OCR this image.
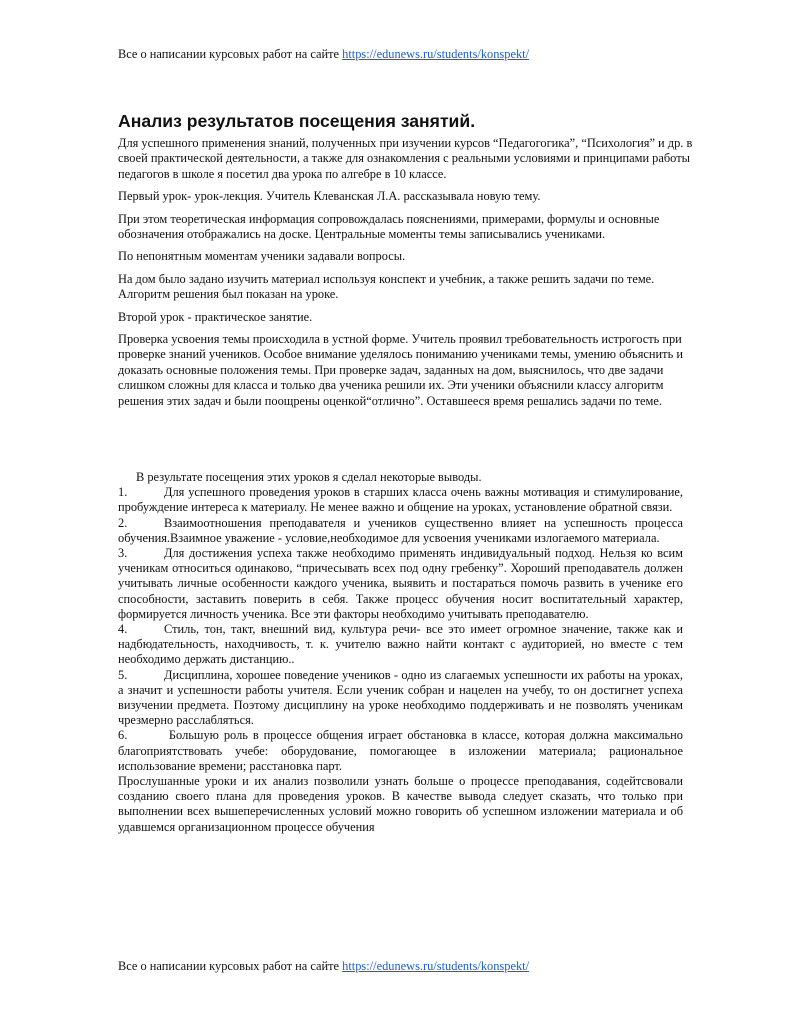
Все о написании курсовых работ на сайте https://edunews.ru/students/konspekt/
Анализ результатов посещения занятий.

Для успешного применения знаний, полученных при изучении курсов “Педагогогика”, “Психология” и др. в своей практической деятельности, а также для ознакомления с реальными условиями и принципами работы педагогов в школе я посетил два урока по алгебре в 10 классе.

Первый урок- урок-лекция. Учитель Клеванская Л.А. рассказывала новую тему.

При этом теоретическая информация сопровождалась пояснениями, примерами, формулы и основные обозначения отображались на доске. Центральные моменты темы записывались учениками.

По непонятным моментам ученики задавали вопросы.

На дом было задано изучить материал используя конспект и учебник, а также решить задачи по теме. Алгоритм решения был показан на уроке.

Второй урок - практическое занятие.

Проверка усвоения темы происходила в устной форме. Учитель проявил требовательность истрогость при проверке знаний учеников. Особое внимание уделялось пониманию учениками темы, умению объяснить и доказать основные положения темы. При проверке задач, заданных на дом, выяснилось, что две задачи слишком сложны для класса и только два ученика решили их. Эти ученики объяснили классу алгоритм решения этих задач и были поощрены оценкой“отлично”. Оставшееся время решались задачи по теме.

В результате посещения этих уроков я сделал некоторые выводы.

1.	Для успешного проведения уроков в старших класса очень важны мотивация и стимулирование, пробуждение интереса к материалу. Не менее важно и общение на уроках, установление обратной связи.

2.	Взаимоотношения преподавателя и учеников существенно влияет на успешность процесса обучения.Взаимное уважение - условие,необходимое для усвоения учениками излогаемого материала.

3.	Для достижения успеха также необходимо применять индивидуальный подход. Нельзя ко всим ученикам относиться одинаково, “причесывать всех под одну гребенку”. Хороший преподаватель должен учитывать личные особенности каждого ученика, выявить и постараться помочь развить в ученике его способности, заставить поверить в себя. Также процесс обучения носит воспитательный характер, формируется личность ученика. Все эти факторы необходимо учитывать преподавателю.

4.	Стиль, тон, такт, внешний вид, культура речи- все это имеет огромное значение, также как и надбюдательность, находчивость, т. к. учителю важно найти контакт с аудиторией, но вместе с тем необходимо держать дистанцию..

5.	Дисциплина, хорошее поведение учеников - одно из слагаемых успешности их работы на уроках, а значит и успешности работы учителя. Если ученик собран и нацелен на учебу, то он достигнет успеха визучении предмета. Поэтому дисциплину на уроке необходимо поддерживать и не позволять ученикам чрезмерно расслабляться.

6.	Большую роль в процессе общения играет обстановка в классе, которая должна максимально благоприятствовать учебе: оборудование, помогающее в изложении материала; рациональное использование времени; расстановка парт.

Прослушанные уроки и их анализ позволили узнать больше о процессе преподавания, содейтсвовали созданию своего плана для проведения уроков. В качестве вывода следует сказать, что только при выполнении всех вышеперечисленных условий можно говорить об успешном изложении материала и об удавшемся организационном процессе обучения

Все о написании курсовых работ на сайте https://edunews.ru/students/konspekt/
